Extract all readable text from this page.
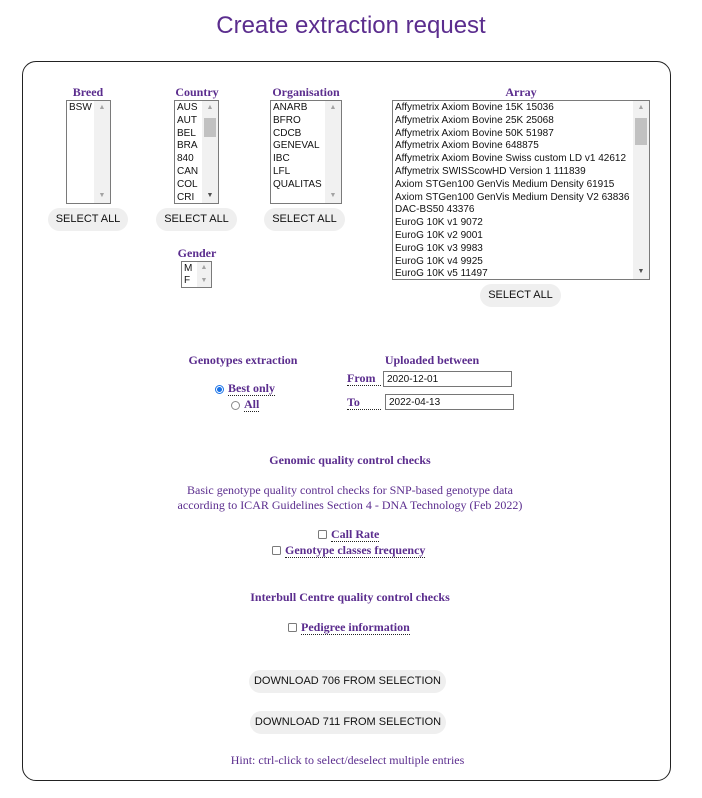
Create extraction request
Breed
BSW ▲
▼
SELECT ALL
Country
AUS
AUT
BEL
BRA
840
CAN
COL
CRI
▲
▼
SELECT ALL
Gender
M
F
▲
▼
Organisation
ANARB
BFRO
CDCB
GENEVAL
IBC
LFL
QUALITAS
▲
▼
SELECT ALL
Array
Affymetrix Axiom Bovine 15K 15036
Affymetrix Axiom Bovine 25K 25068
Affymetrix Axiom Bovine 50K 51987
Affymetrix Axiom Bovine 648875
Affymetrix Axiom Bovine Swiss custom LD v1 42612
Affymetrix SWISScowHD Version 1 111839
Axiom STGen100 GenVis Medium Density 61915
Axiom STGen100 GenVis Medium Density V2 63836
DAC-BS50 43376
EuroG 10K v1 9072
EuroG 10K v2 9001
EuroG 10K v3 9983
EuroG 10K v4 9925
EuroG 10K v5 11497
▲
▼
SELECT ALL
Genotypes extraction
Best only
All
Uploaded between
From
2020-12-01
To
2022-04-13
Genomic quality control checks
Basic genotype quality control checks for SNP-based genotype data
according to ICAR Guidelines Section 4 - DNA Technology (Feb 2022)
Call Rate
Genotype classes frequency
Interbull Centre quality control checks
Pedigree information
DOWNLOAD 706 FROM SELECTION
DOWNLOAD 711 FROM SELECTION
Hint: ctrl-click to select/deselect multiple entries
